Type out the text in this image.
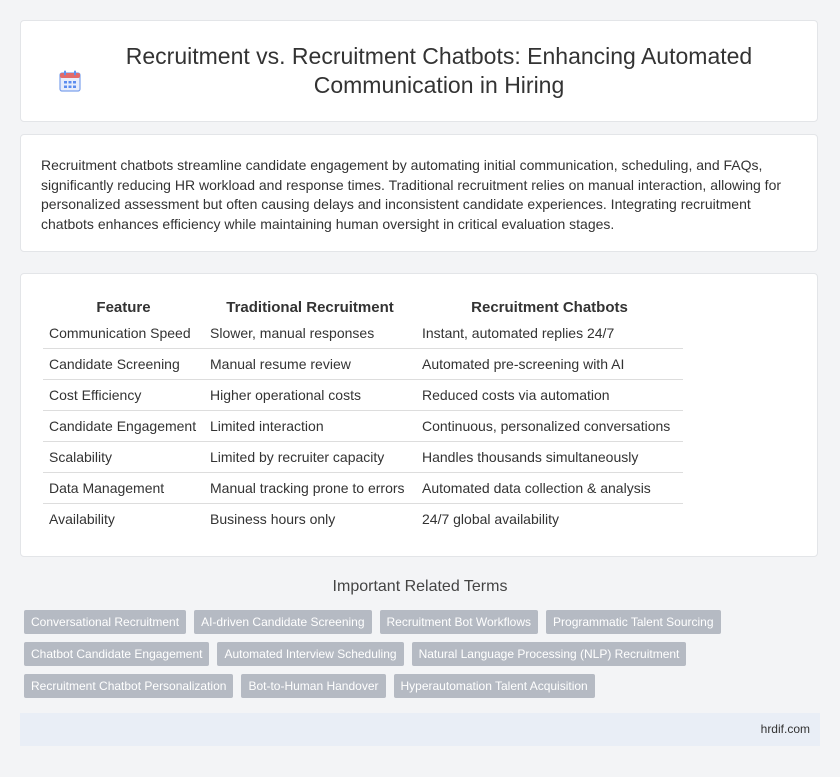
Recruitment vs. Recruitment Chatbots: Enhancing Automated Communication in Hiring

Recruitment chatbots streamline candidate engagement by automating initial communication, scheduling, and FAQs, significantly reducing HR workload and response times. Traditional recruitment relies on manual interaction, allowing for personalized assessment but often causing delays and inconsistent candidate experiences. Integrating recruitment chatbots enhances efficiency while maintaining human oversight in critical evaluation stages.

Feature	Traditional Recruitment	Recruitment Chatbots
Communication Speed	Slower, manual responses	Instant, automated replies 24/7
Candidate Screening	Manual resume review	Automated pre-screening with AI
Cost Efficiency	Higher operational costs	Reduced costs via automation
Candidate Engagement	Limited interaction	Continuous, personalized conversations
Scalability	Limited by recruiter capacity	Handles thousands simultaneously
Data Management	Manual tracking prone to errors	Automated data collection & analysis
Availability	Business hours only	24/7 global availability
Important Related Terms
Conversational Recruitment	AI-driven Candidate Screening	Recruitment Bot Workflows	Programmatic Talent Sourcing
Chatbot Candidate Engagement	Automated Interview Scheduling	Natural Language Processing (NLP) Recruitment
Recruitment Chatbot Personalization	Bot-to-Human Handover	Hyperautomation Talent Acquisition
hrdif.com
